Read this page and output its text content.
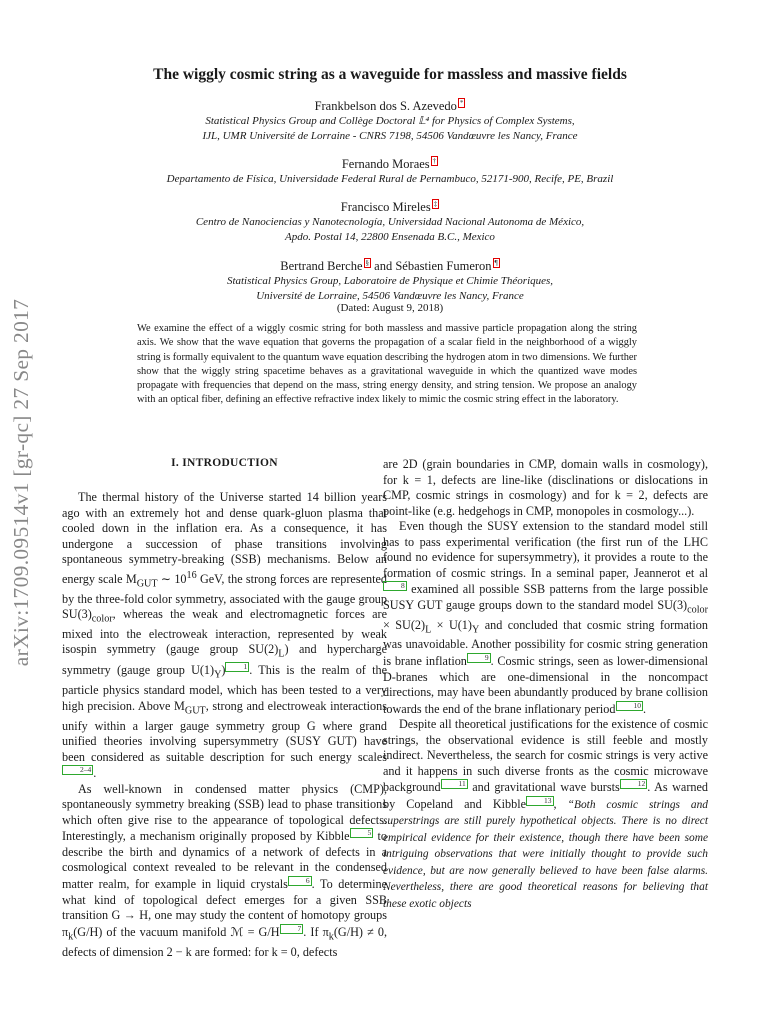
arXiv:1709.09514v1 [gr-qc] 27 Sep 2017
The wiggly cosmic string as a waveguide for massless and massive fields
Frankbelson dos S. Azevedo *
Statistical Physics Group and Collège Doctoral 𝕃⁴ for Physics of Complex Systems,
IJL, UMR Université de Lorraine - CNRS 7198, 54506 Vandœuvre les Nancy, France
Fernando Moraes †
Departamento de Física, Universidade Federal Rural de Pernambuco, 52171-900, Recife, PE, Brazil
Francisco Mireles ‡
Centro de Nanociencias y Nanotecnología, Universidad Nacional Autonoma de México,
Apdo. Postal 14, 22800 Ensenada B.C., Mexico
Bertrand Berche § and Sébastien Fumeron ¶
Statistical Physics Group, Laboratoire de Physique et Chimie Théoriques,
Université de Lorraine, 54506 Vandœuvre les Nancy, France
(Dated: August 9, 2018)
We examine the effect of a wiggly cosmic string for both massless and massive particle propagation along the string axis. We show that the wave equation that governs the propagation of a scalar field in the neighborhood of a wiggly string is formally equivalent to the quantum wave equation describing the hydrogen atom in two dimensions. We further show that the wiggly string spacetime behaves as a gravitational waveguide in which the quantized wave modes propagate with frequencies that depend on the mass, string energy density, and string tension. We propose an analogy with an optical fiber, defining an effective refractive index likely to mimic the cosmic string effect in the laboratory.
I. INTRODUCTION

The thermal history of the Universe started 14 billion years ago with an extremely hot and dense quark-gluon plasma that cooled down in the inflation era. As a consequence, it has undergone a succession of phase transitions involving spontaneous symmetry-breaking (SSB) mechanisms. Below an energy scale $M_{GUT}$ ∼ $10^{16}$ GeV, the strong forces are represented by the three-fold color symmetry, associated with the gauge group $SU(3)_{color}$, whereas the weak and electromagnetic forces are mixed into the electroweak interaction, represented by weak isospin symmetry (gauge group $SU(2)_L$) and hypercharge symmetry (gauge group $U(1)_Y$) 1 . This is the realm of the particle physics standard model, which has been tested to a very high precision. Above $M_{GUT}$, strong and electroweak interactions unify within a larger gauge symmetry group G where grand unified theories involving supersymmetry (SUSY GUT) have been considered as suitable description for such energy scales2–4 .

As well-known in condensed matter physics (CMP), spontaneously symmetry breaking (SSB) lead to phase transitions which often give rise to the appearance of topological defects. Interestingly, a mechanism originally proposed by Kibble 5 to describe the birth and dynamics of a network of defects in a cosmological context revealed to be relevant in the condensed matter realm, for example in liquid crystals 6 . To determine what kind of topological defect emerges for a given SSB transition G → H, one may study the content of homotopy groups $\pi_k(G/H)$ of the vacuum manifold ℳ = G/H 7 . If $\pi_k(G/H) \ne 0$, defects of dimension 2 − k are formed: for k = 0, defects

are 2D (grain boundaries in CMP, domain walls in cosmology), for k = 1, defects are line-like (disclinations or dislocations in CMP, cosmic strings in cosmology) and for k = 2, defects are point-like (e.g. hedgehogs in CMP, monopoles in cosmology...).

Even though the SUSY extension to the standard model still has to pass experimental verification (the first run of the LHC found no evidence for supersymmetry), it provides a route to the formation of cosmic strings. In a seminal paper, Jeannerot et al8 examined all possible SSB patterns from the large possible SUSY GUT gauge groups down to the standard model $SU(3)_{color} \times SU(2)_L \times U(1)_Y$ and concluded that cosmic string formation was unavoidable. Another possibility for cosmic string generation is brane inflation 9 . Cosmic strings, seen as lower-dimensional D-branes which are one-dimensional in the noncompact directions, may have been abundantly produced by brane collision towards the end of the brane inflationary period 10 .

Despite all theoretical justifications for the existence of cosmic strings, the observational evidence is still feeble and mostly indirect. Nevertheless, the search for cosmic strings is very active and it happens in such diverse fronts as the cosmic microwave background 11 and gravitational wave bursts 12 . As warned by Copeland and Kibble 13 , “Both cosmic strings and superstrings are still purely hypothetical objects. There is no direct empirical evidence for their existence, though there have been some intriguing observations that were initially thought to provide such evidence, but are now generally believed to have been false alarms. Nevertheless, there are good theoretical reasons for believing that these exotic objects
